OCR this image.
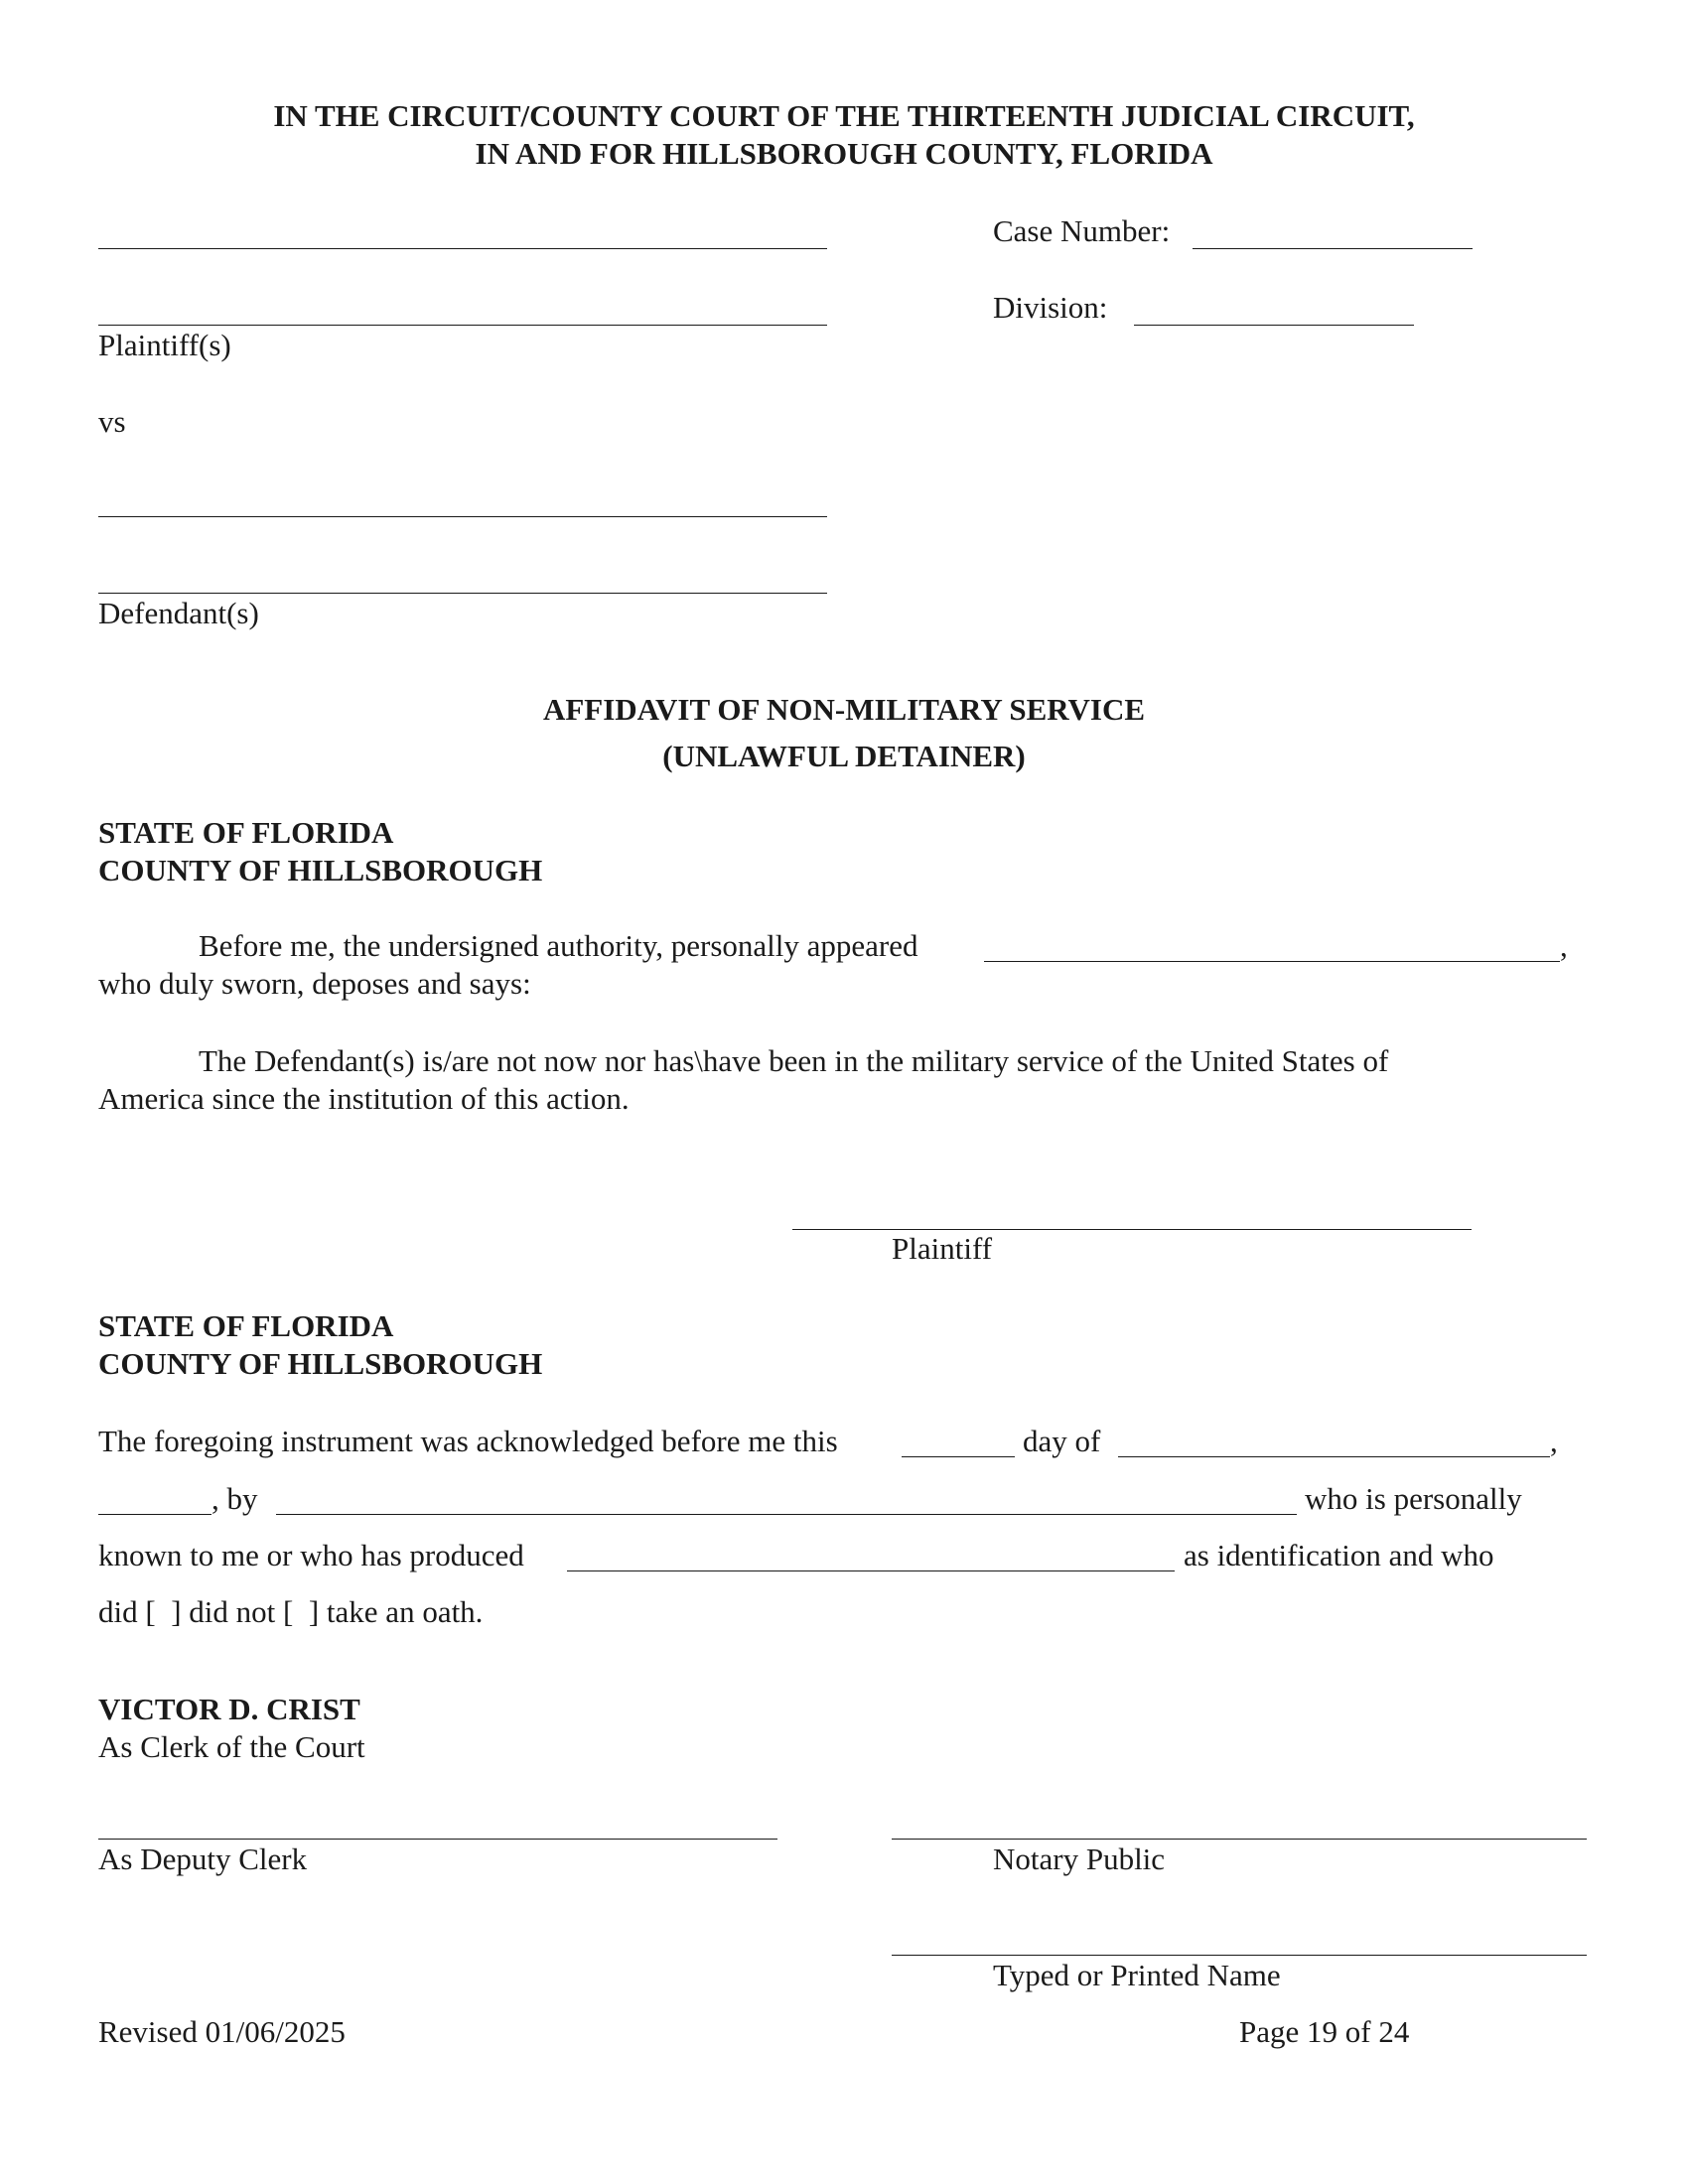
IN THE CIRCUIT/COUNTY COURT OF THE THIRTEENTH JUDICIAL CIRCUIT,
IN AND FOR HILLSBOROUGH COUNTY, FLORIDA
Plaintiff(s)
Case Number:
Division:
vs
Defendant(s)
AFFIDAVIT OF NON-MILITARY SERVICE
(UNLAWFUL DETAINER)
STATE OF FLORIDA
COUNTY OF HILLSBOROUGH
Before me, the undersigned authority, personally appeared	,
who duly sworn, deposes and says:
The Defendant(s) is/are not now nor has\have been in the military service of the United States of
America since the institution of this action.
Plaintiff
STATE OF FLORIDA
COUNTY OF HILLSBOROUGH
The foregoing instrument was acknowledged before me this	day of	,
, by	who is personally
known to me or who has produced	as identification and who
did [ ] did not [ ] take an oath.
VICTOR D. CRIST
As Clerk of the Court
As Deputy Clerk	Notary Public
Typed or Printed Name
Revised 01/06/2025	Page 19 of 24
